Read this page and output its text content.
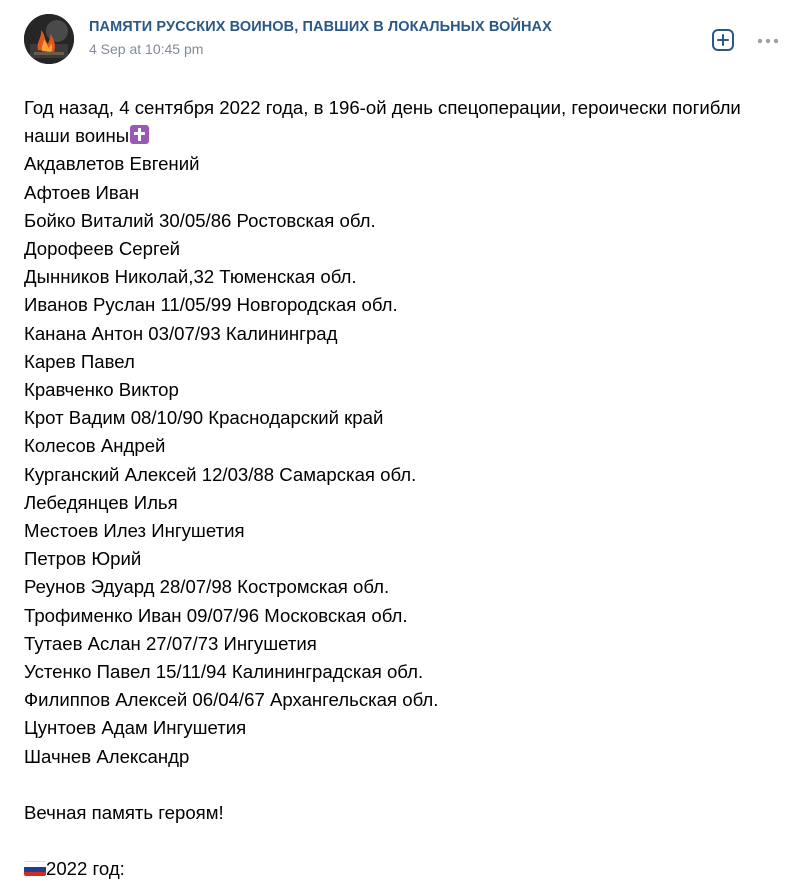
ПАМЯТИ РУССКИХ ВОИНОВ, ПАВШИХ В ЛОКАЛЬНЫХ ВОЙНАХ
4 Sep at 10:45 pm
Год назад, 4 сентября 2022 года, в 196-ой день спецоперации, героически погибли наши воины
Акдавлетов Евгений
Афтоев Иван
Бойко Виталий 30/05/86 Ростовская обл.
Дорофеев Сергей
Дынников Николай,32 Тюменская обл.
Иванов Руслан 11/05/99 Новгородская обл.
Канана Антон 03/07/93 Калининград
Карев Павел
Кравченко Виктор
Крот Вадим 08/10/90 Краснодарский край
Колесов Андрей
Курганский Алексей 12/03/88 Самарская обл.
Лебедянцев Илья
Местоев Илез Ингушетия
Петров Юрий
Реунов Эдуард 28/07/98 Костромская обл.
Трофименко Иван 09/07/96 Московская обл.
Тутаев Аслан 27/07/73 Ингушетия
Устенко Павел 15/11/94 Калининградская обл.
Филиппов Алексей 06/04/67 Архангельская обл.
Цунтоев Адам Ингушетия
Шачнев Александр
Вечная память героям!
2022 год:
